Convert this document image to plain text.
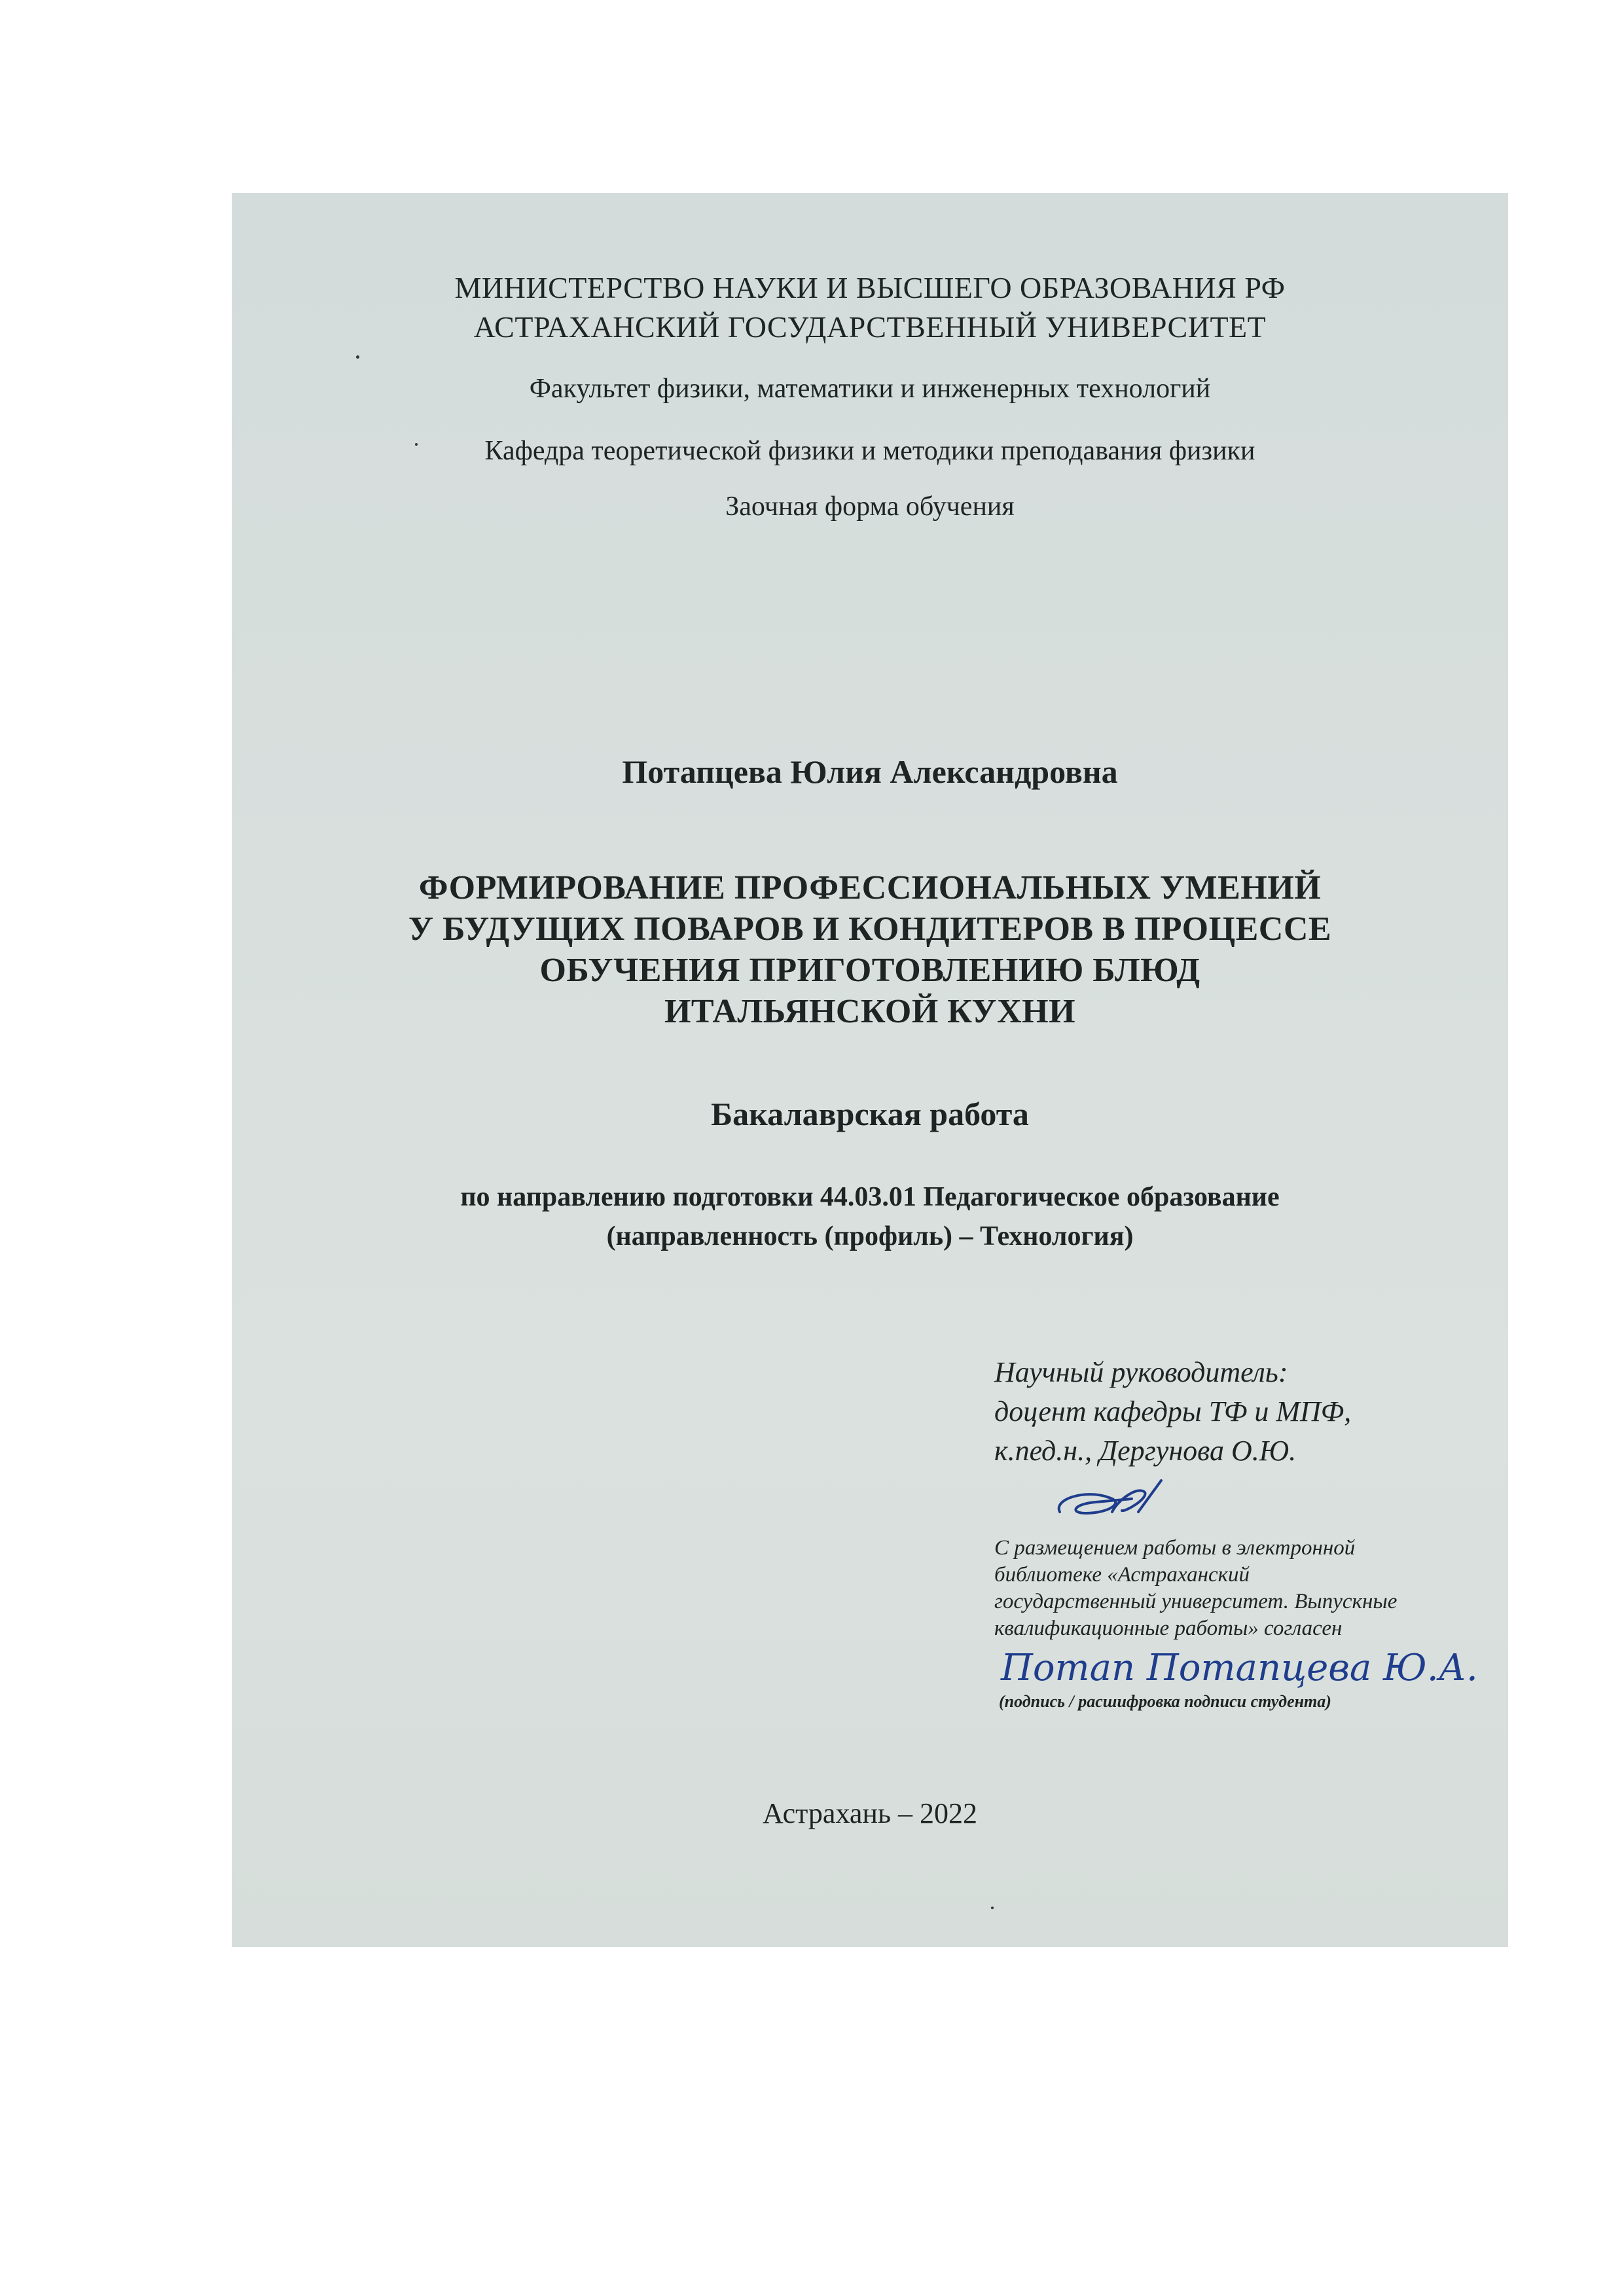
МИНИСТЕРСТВО НАУКИ И ВЫСШЕГО ОБРАЗОВАНИЯ РФ
АСТРАХАНСКИЙ ГОСУДАРСТВЕННЫЙ УНИВЕРСИТЕТ
Факультет физики, математики и инженерных технологий
Кафедра теоретической физики и методики преподавания физики
Заочная форма обучения
Потапцева Юлия Александровна
ФОРМИРОВАНИЕ ПРОФЕССИОНАЛЬНЫХ УМЕНИЙ
У БУДУЩИХ ПОВАРОВ И КОНДИТЕРОВ В ПРОЦЕССЕ
ОБУЧЕНИЯ ПРИГОТОВЛЕНИЮ БЛЮД
ИТАЛЬЯНСКОЙ КУХНИ
Бакалаврская работа
по направлению подготовки 44.03.01 Педагогическое образование
(направленность (профиль) – Технология)
Научный руководитель:
доцент кафедры ТФ и МПФ,
к.пед.н., Дергунова О.Ю.
С размещением работы в электронной
библиотеке «Астраханский
государственный университет. Выпускные
квалификационные работы» согласен
Потап Потапцева Ю.А.
(подпись / расшифровка подписи студента)
Астрахань – 2022
